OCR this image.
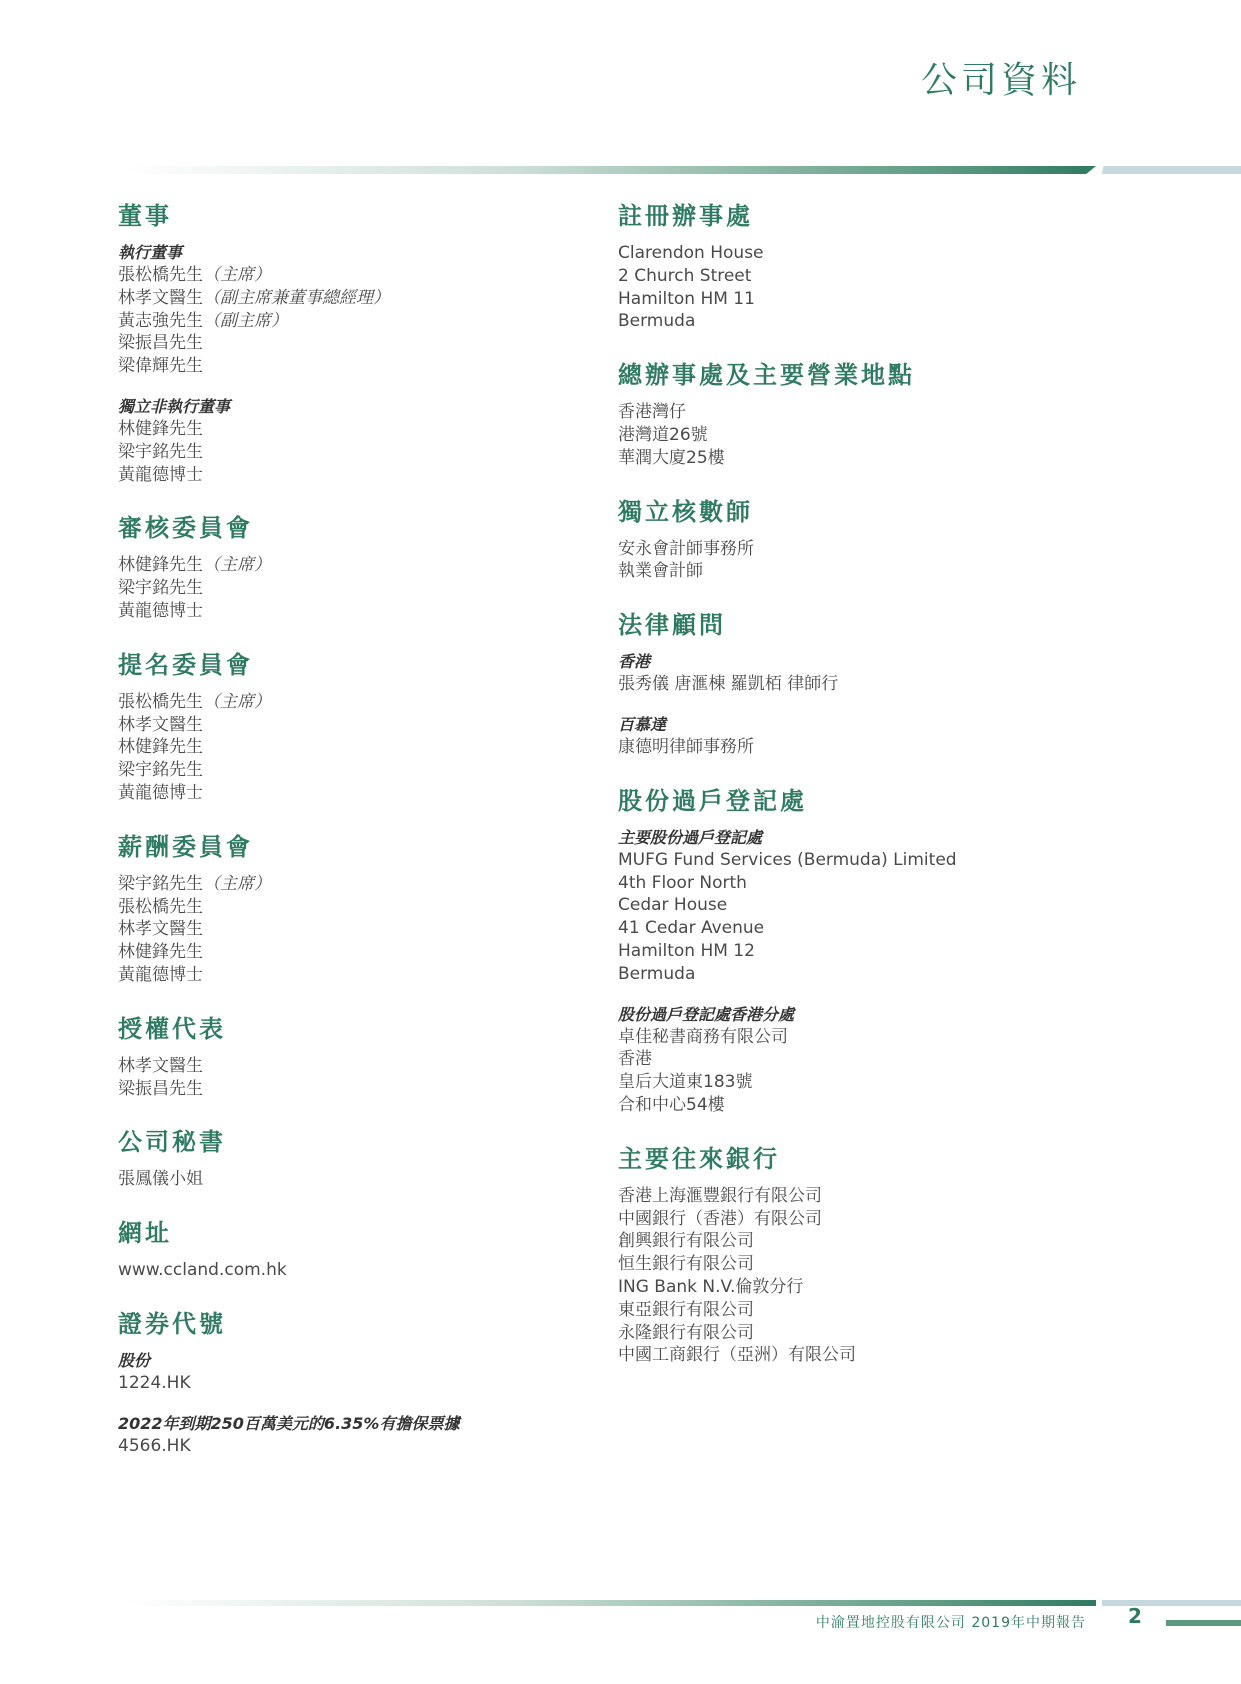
公司資料
董事
執行董事
張松橋先生（主席）
林孝文醫生（副主席兼董事總經理）
黃志強先生（副主席）
梁振昌先生
梁偉輝先生
獨立非執行董事
林健鋒先生
梁宇銘先生
黃龍德博士
審核委員會
林健鋒先生（主席）
梁宇銘先生
黃龍德博士
提名委員會
張松橋先生（主席）
林孝文醫生
林健鋒先生
梁宇銘先生
黃龍德博士
薪酬委員會
梁宇銘先生（主席）
張松橋先生
林孝文醫生
林健鋒先生
黃龍德博士
授權代表
林孝文醫生
梁振昌先生
公司秘書
張鳳儀小姐
網址
www.ccland.com.hk
證券代號
股份
1224.HK
2022年到期250百萬美元的6.35%有擔保票據
4566.HK
註冊辦事處
Clarendon House
2 Church Street
Hamilton HM 11
Bermuda
總辦事處及主要營業地點
香港灣仔
港灣道26號
華潤大廈25樓
獨立核數師
安永會計師事務所
執業會計師
法律顧問
香港
張秀儀 唐滙棟 羅凱栢 律師行
百慕達
康德明律師事務所
股份過戶登記處
主要股份過戶登記處
MUFG Fund Services (Bermuda) Limited
4th Floor North
Cedar House
41 Cedar Avenue
Hamilton HM 12
Bermuda
股份過戶登記處香港分處
卓佳秘書商務有限公司
香港
皇后大道東183號
合和中心54樓
主要往來銀行
香港上海滙豐銀行有限公司
中國銀行（香港）有限公司
創興銀行有限公司
恒生銀行有限公司
ING Bank N.V.倫敦分行
東亞銀行有限公司
永隆銀行有限公司
中國工商銀行（亞洲）有限公司
中渝置地控股有限公司 2019年中期報告 2
